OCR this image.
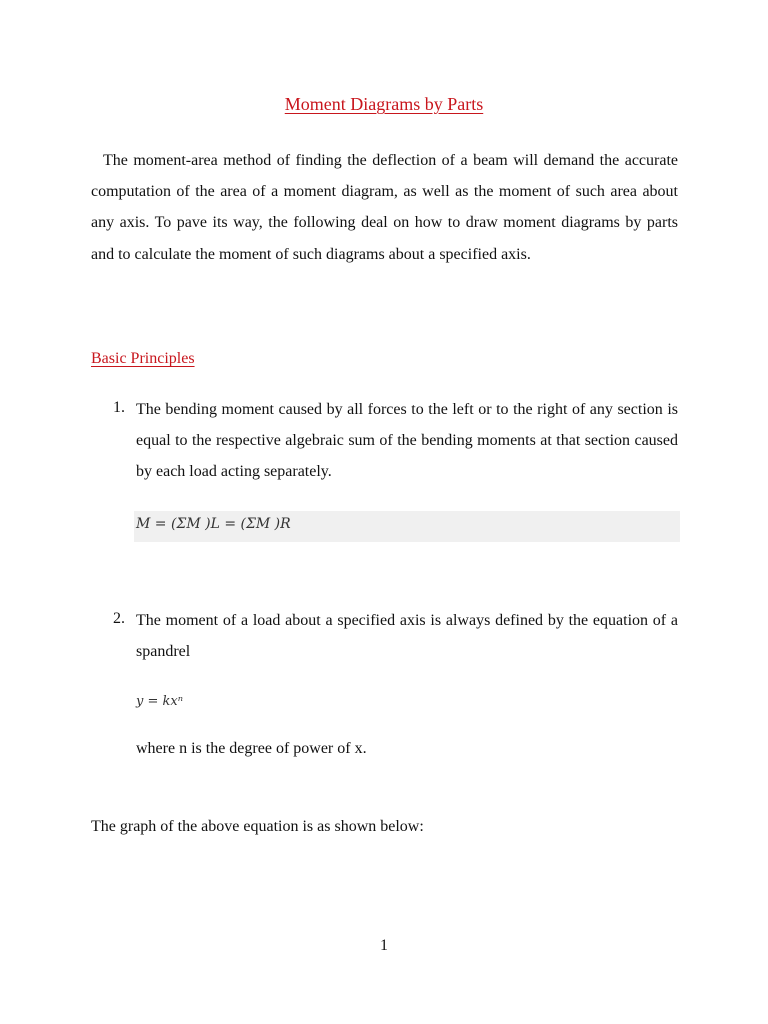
Moment Diagrams by Parts

The moment-area method of finding the deflection of a beam will demand the accurate computation of the area of a moment diagram, as well as the moment of such area about any axis. To pave its way, the following deal on how to draw moment diagrams by parts and to calculate the moment of such diagrams about a specified axis.

Basic Principles
1. The bending moment caused by all forces to the left or to the right of any section is equal to the respective algebraic sum of the bending moments at that section caused by each load acting separately.

M = (ΣM )L = (ΣM )R
2. The moment of a load about a specified axis is always defined by the equation of a spandrel

y = kxⁿ
where n is the degree of power of x.
The graph of the above equation is as shown below:
1
